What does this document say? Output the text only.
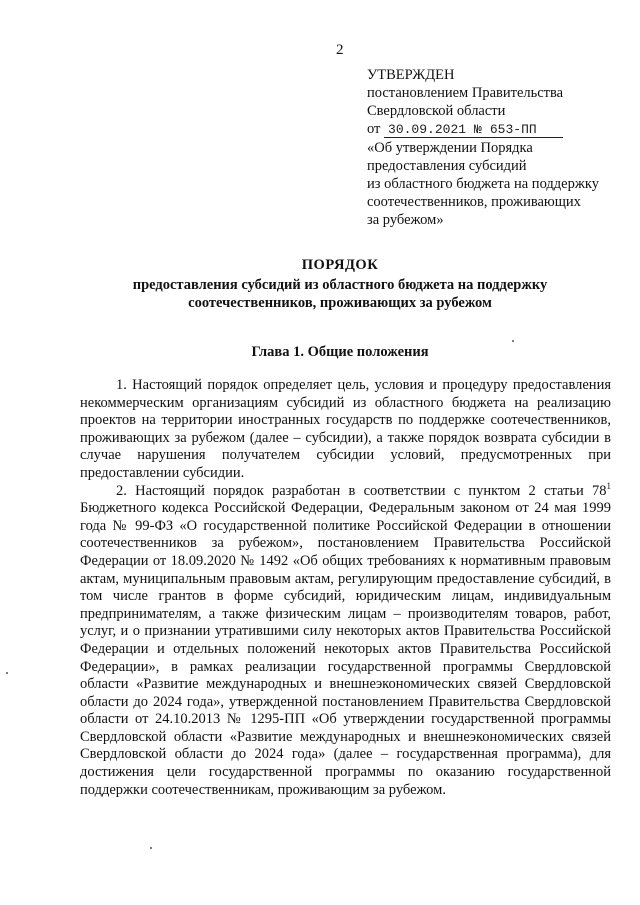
2
УТВЕРЖДЕН
постановлением Правительства
Свердловской области
от 30.09.2021 № 653-ПП
«Об утверждении Порядка
предоставления субсидий
из областного бюджета на поддержку
соотечественников, проживающих
за рубежом»
ПОРЯДОК
предоставления субсидий из областного бюджета на поддержку
соотечественников, проживающих за рубежом
Глава 1. Общие положения

1. Настоящий порядок определяет цель, условия и процедуру предоставления некоммерческим организациям субсидий из областного бюджета на реализацию проектов на территории иностранных государств по поддержке соотечественников, проживающих за рубежом (далее – субсидии), а также порядок возврата субсидии в случае нарушения получателем субсидии условий, предусмотренных при предоставлении субсидии.

2. Настоящий порядок разработан в соответствии с пунктом 2 статьи $78^1$ Бюджетного кодекса Российской Федерации, Федеральным законом от 24 мая 1999 года № 99-ФЗ «О государственной политике Российской Федерации в отношении соотечественников за рубежом», постановлением Правительства Российской Федерации от 18.09.2020 № 1492 «Об общих требованиях к нормативным правовым актам, муниципальным правовым актам, регулирующим предоставление субсидий, в том числе грантов в форме субсидий, юридическим лицам, индивидуальным предпринимателям, а также физическим лицам – производителям товаров, работ, услуг, и о признании утратившими силу некоторых актов Правительства Российской Федерации и отдельных положений некоторых актов Правительства Российской Федерации», в рамках реализации государственной программы Свердловской области «Развитие международных и внешнеэкономических связей Свердловской области до 2024 года», утвержденной постановлением Правительства Свердловской области от 24.10.2013 № 1295-ПП «Об утверждении государственной программы Свердловской области «Развитие международных и внешнеэкономических связей Свердловской области до 2024 года» (далее – государственная программа), для достижения цели государственной программы по оказанию государственной поддержки соотечественникам, проживающим за рубежом.
